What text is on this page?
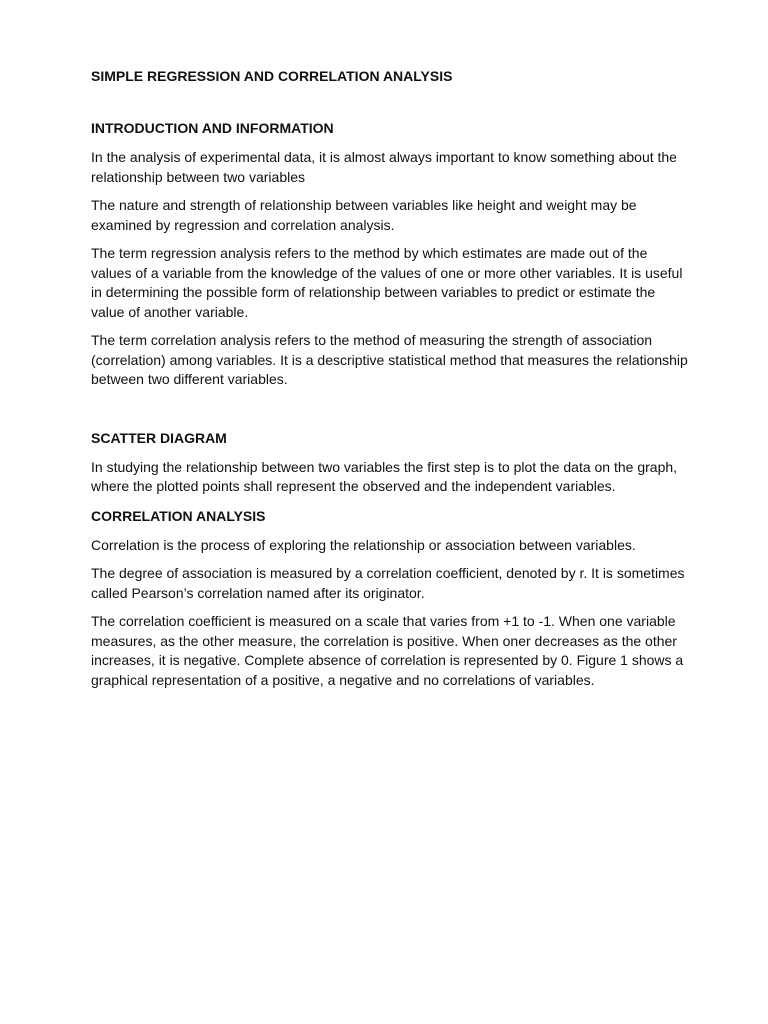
SIMPLE REGRESSION AND CORRELATION ANALYSIS

INTRODUCTION AND INFORMATION

In the analysis of experimental data, it is almost always important to know something about the relationship between two variables

The nature and strength of relationship between variables like height and weight may be examined by regression and correlation analysis.

The term regression analysis refers to the method by which estimates are made out of the values of a variable from the knowledge of the values of one or more other variables. It is useful in determining the possible form of relationship between variables to predict or estimate the value of another variable.

The term correlation analysis refers to the method of measuring the strength of association (correlation) among variables. It is a descriptive statistical method that measures the relationship between two different variables.

SCATTER DIAGRAM

In studying the relationship between two variables the first step is to plot the data on the graph, where the plotted points shall represent the observed and the independent variables.

CORRELATION ANALYSIS

Correlation is the process of exploring the relationship or association between variables.

The degree of association is measured by a correlation coefficient, denoted by r. It is sometimes called Pearson’s correlation named after its originator.

The correlation coefficient is measured on a scale that varies from +1 to -1. When one variable measures, as the other measure, the correlation is positive. When oner decreases as the other increases, it is negative. Complete absence of correlation is represented by 0. Figure 1 shows a graphical representation of a positive, a negative and no correlations of variables.
